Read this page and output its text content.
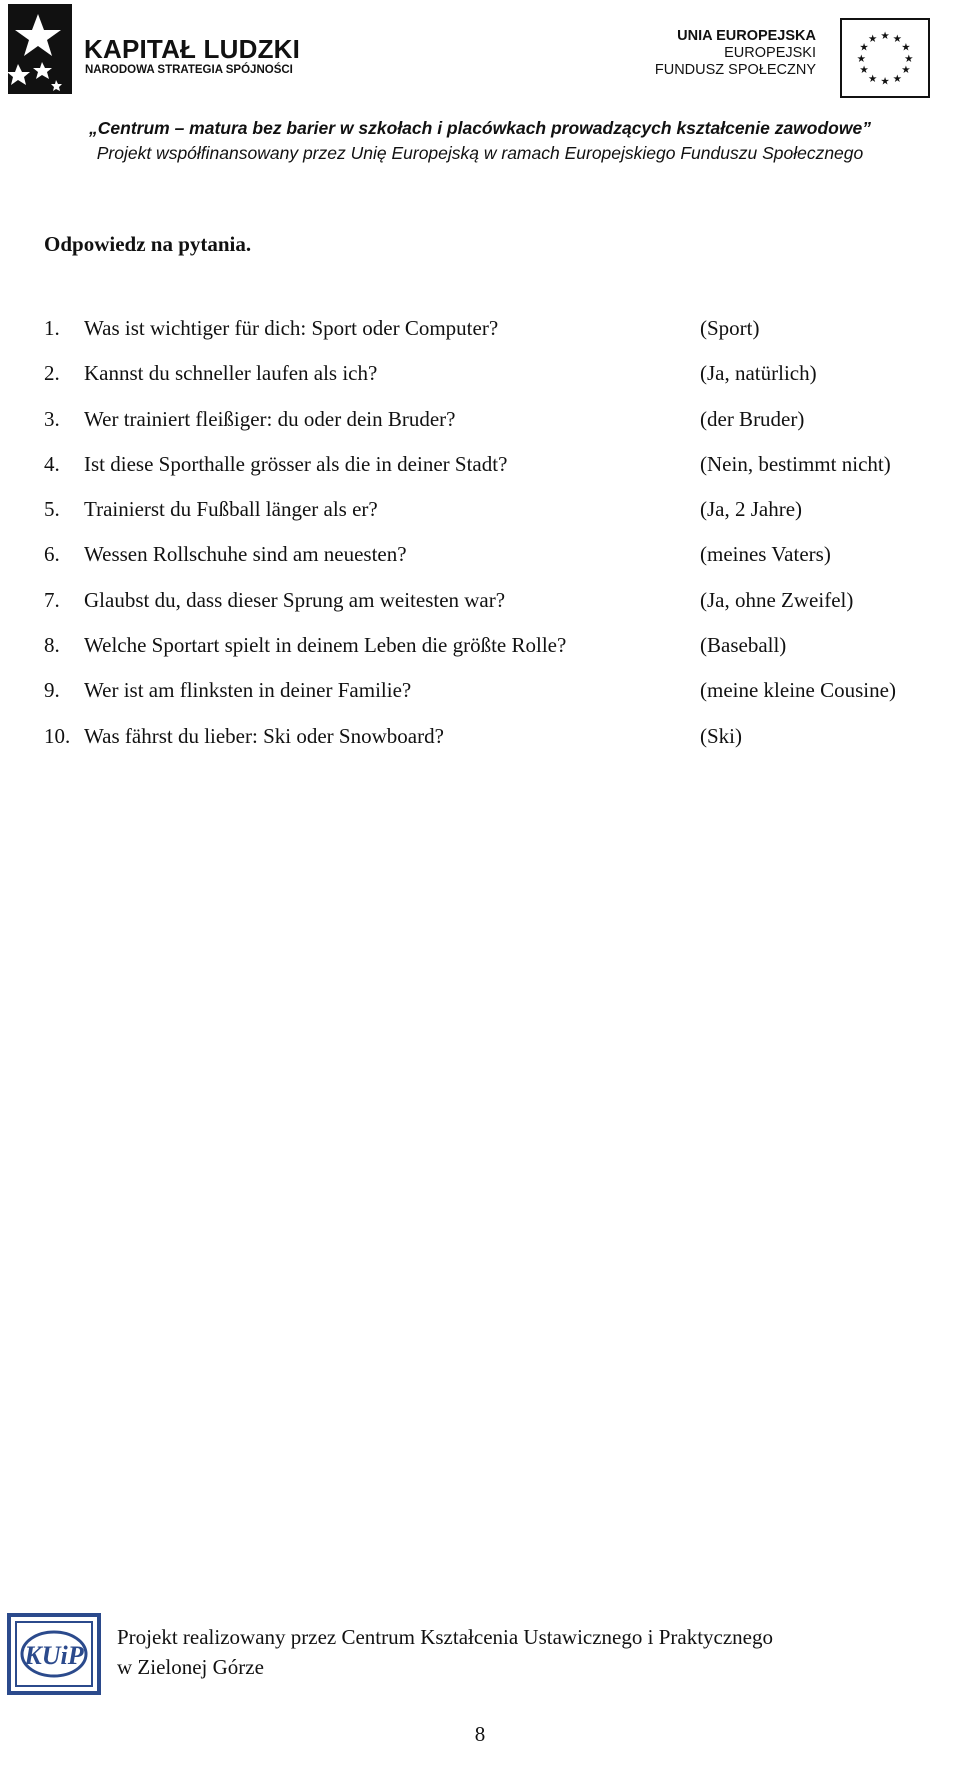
KAPITAŁ LUDZKI
NARODOWA STRATEGIA SPÓJNOŚCI
UNIA EUROPEJSKA
EUROPEJSKI
FUNDUSZ SPOŁECZNY
★ ★
★
★
★
★
★
★
★
★
★
★
„Centrum – matura bez barier w szkołach i placówkach prowadzących kształcenie zawodowe”
Projekt współfinansowany przez Unię Europejską w ramach Europejskiego Funduszu Społecznego
Odpowiedz na pytania.
1.	Was ist wichtiger für dich: Sport oder Computer?	(Sport)
2.	Kannst du schneller laufen als ich?	(Ja, natürlich)
3.	Wer trainiert fleißiger: du oder dein Bruder?	(der Bruder)
4.	Ist diese Sporthalle grösser als die in deiner Stadt?	(Nein, bestimmt nicht)
5.	Trainierst du Fußball länger als er?	(Ja, 2 Jahre)
6.	Wessen Rollschuhe sind am neuesten?	(meines Vaters)
7.	Glaubst du, dass dieser Sprung am weitesten war?	(Ja, ohne Zweifel)
8.	Welche Sportart spielt in deinem Leben die größte Rolle?	(Baseball)
9.	Wer ist am flinksten in deiner Familie?	(meine kleine Cousine)
10. Was fährst du lieber: Ski oder Snowboard?	(Ski)
KUiP
Projekt realizowany przez Centrum Kształcenia Ustawicznego i Praktycznego
w Zielonej Górze
8
